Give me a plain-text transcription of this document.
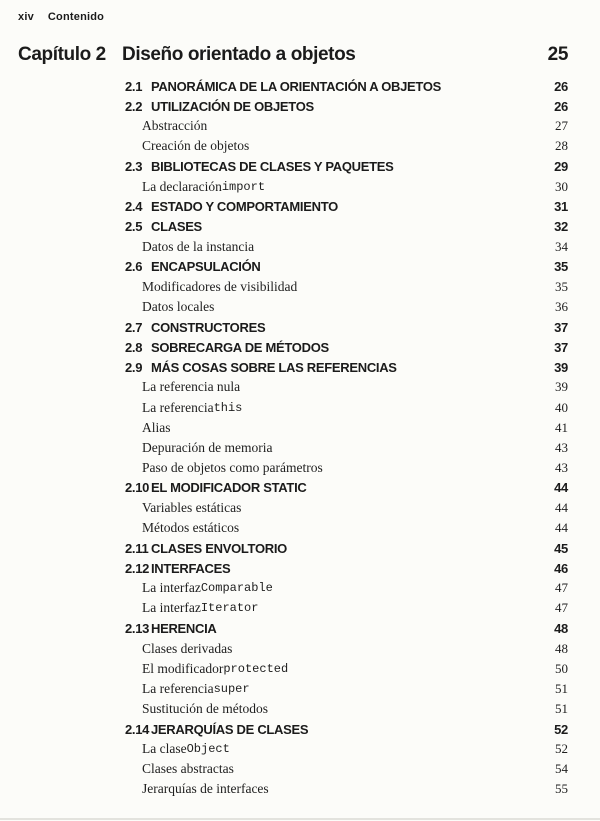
xiv Contenido
Capítulo 2 Diseño orientado a objetos	25
2.1 PANORÁMICA DE LA ORIENTACIÓN A OBJETOS	26
2.2 UTILIZACIÓN DE OBJETOS	26
Abstracción	27
Creación de objetos	28
2.3 BIBLIOTECAS DE CLASES Y PAQUETES	29
La declaración import	30
2.4 ESTADO Y COMPORTAMIENTO	31
2.5 CLASES	32
Datos de la instancia	34
2.6 ENCAPSULACIÓN	35
Modificadores de visibilidad	35
Datos locales	36
2.7 CONSTRUCTORES	37
2.8 SOBRECARGA DE MÉTODOS	37
2.9 MÁS COSAS SOBRE LAS REFERENCIAS	39
La referencia nula	39
La referencia this	40
Alias	41
Depuración de memoria	43
Paso de objetos como parámetros	43
2.10 EL MODIFICADOR STATIC	44
Variables estáticas	44
Métodos estáticos	44
2.11 CLASES ENVOLTORIO	45
2.12 INTERFACES	46
La interfaz Comparable	47
La interfaz Iterator	47
2.13 HERENCIA	48
Clases derivadas	48
El modificador protected	50
La referencia super	51
Sustitución de métodos	51
2.14 JERARQUÍAS DE CLASES	52
La clase Object	52
Clases abstractas	54
Jerarquías de interfaces	55
